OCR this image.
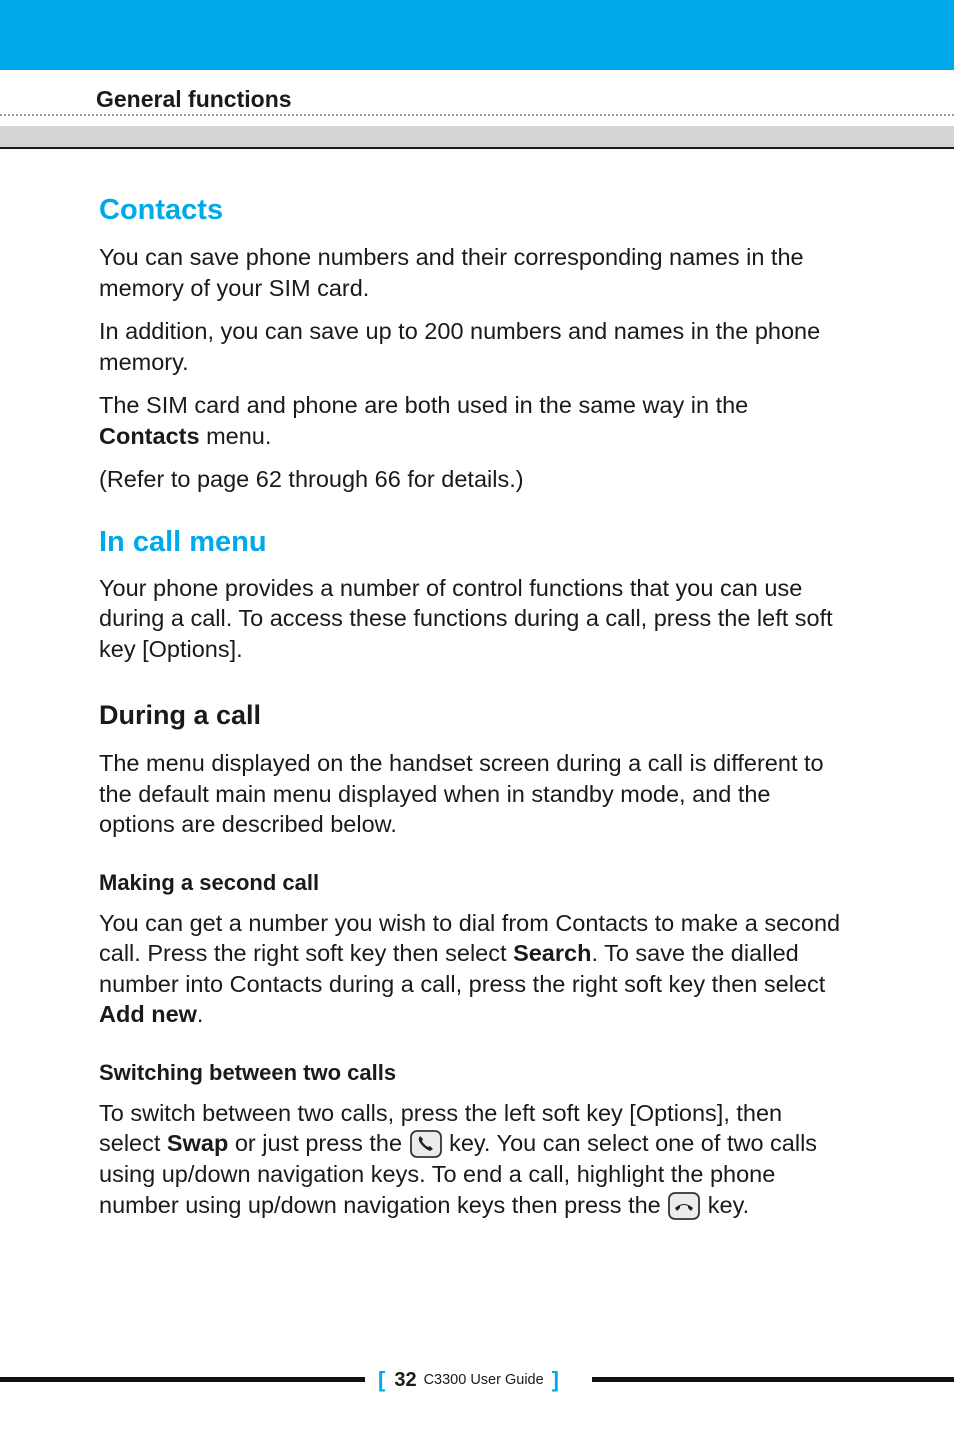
General functions
Contacts

You can save phone numbers and their corresponding names in the memory of your SIM card.

In addition, you can save up to 200 numbers and names in the phone memory.

The SIM card and phone are both used in the same way in the Contacts menu.

(Refer to page 62 through 66 for details.)

In call menu

Your phone provides a number of control functions that you can use during a call. To access these functions during a call, press the left soft key [Options].

During a call

The menu displayed on the handset screen during a call is different to the default main menu displayed when in standby mode, and the options are described below.

Making a second call

You can get a number you wish to dial from Contacts to make a second call. Press the right soft key then select Search. To save the dialled number into Contacts during a call, press the right soft key then select Add new.

Switching between two calls

To switch between two calls, press the left soft key [Options], then select Swap or just press the  key. You can select one of two calls using up/down navigation keys. To end a call, highlight the phone number using up/down navigation keys then press the  key.

[ 32 C3300 User Guide ]
